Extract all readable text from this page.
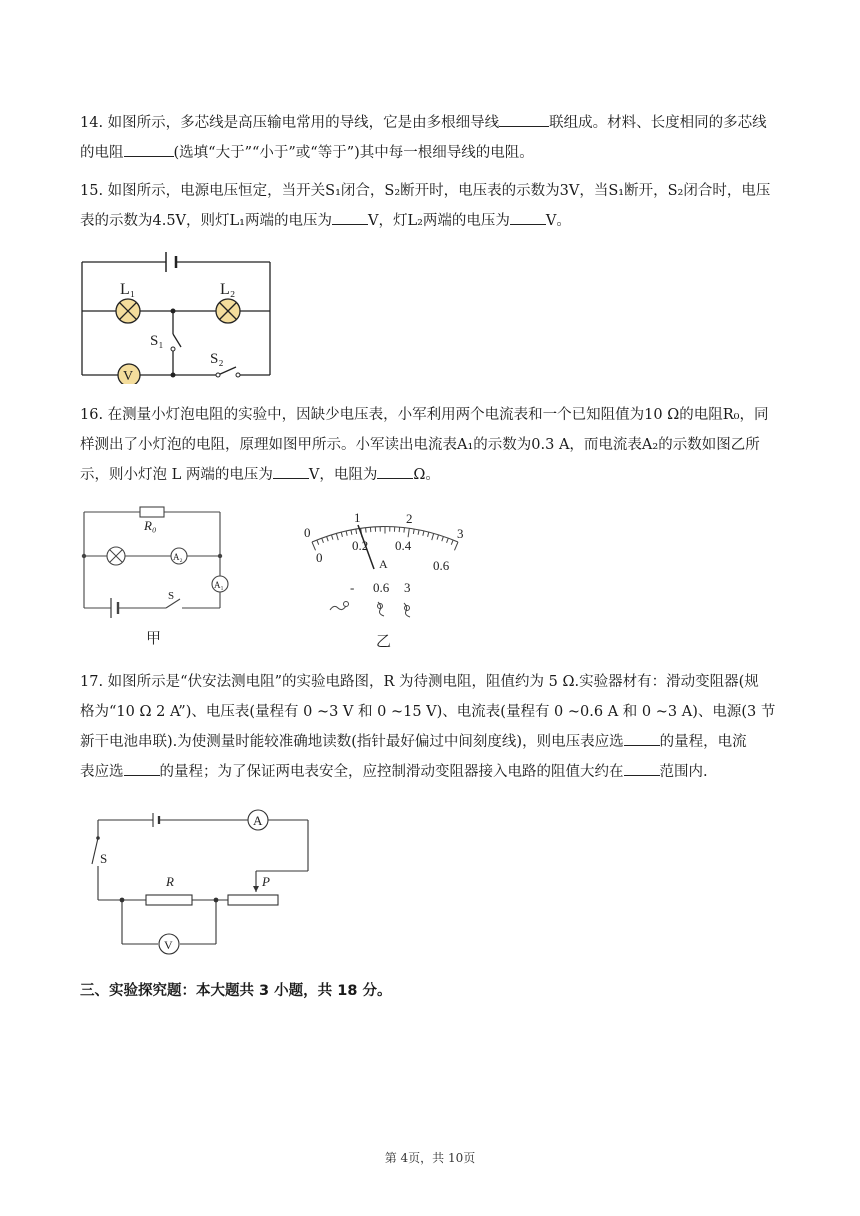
14. 如图所示，多芯线是高压输电常用的导线，它是由多根细导线	联组成。材料、长度相同的多芯线
的电阻	(选填“大于”“小于”或“等于”)其中每一根细导线的电阻。

15. 如图所示，电源电压恒定，当开关S₁闭合，S₂断开时，电压表的示数为3V，当S₁断开，S₂闭合时，电压
表的示数为4.5V，则灯L₁两端的电压为 V，灯L₂两端的电压为 V。

L₁	L₂
S₁
S₂
V

16. 在测量小灯泡电阻的实验中，因缺少电压表，小军利用两个电流表和一个已知阻值为10 Ω的电阻R₀，同
样测出了小灯泡的电阻，原理如图甲所示。小军读出电流表A₁的示数为0.3 A，而电流表A₂的示数如图乙所
示，则小灯泡 L 两端的电压为 V，电阻为 Ω。

R₀
A₂
A₁
S
甲
0
1	2
3
0
0.2 0.4
0.6
A
- 0.6 3
乙

17. 如图所示是“伏安法测电阻”的实验电路图，R 为待测电阻，阻值约为 5 Ω.实验器材有：滑动变阻器(规
格为“10 Ω 2 A”)、电压表(量程有 0 ~3 V 和 0 ~15 V)、电流表(量程有 0 ~0.6 A 和 0 ~3 A)、电源(3 节
新干电池串联).为使测量时能较准确地读数(指针最好偏过中间刻度线)，则电压表应选 的量程，电流
表应选 的量程；为了保证两电表安全，应控制滑动变阻器接入电路的阻值大约在 范围内.

A
S
R	P
V

三、实验探究题：本大题共 3 小题，共 18 分。

第 4页，共 10页
